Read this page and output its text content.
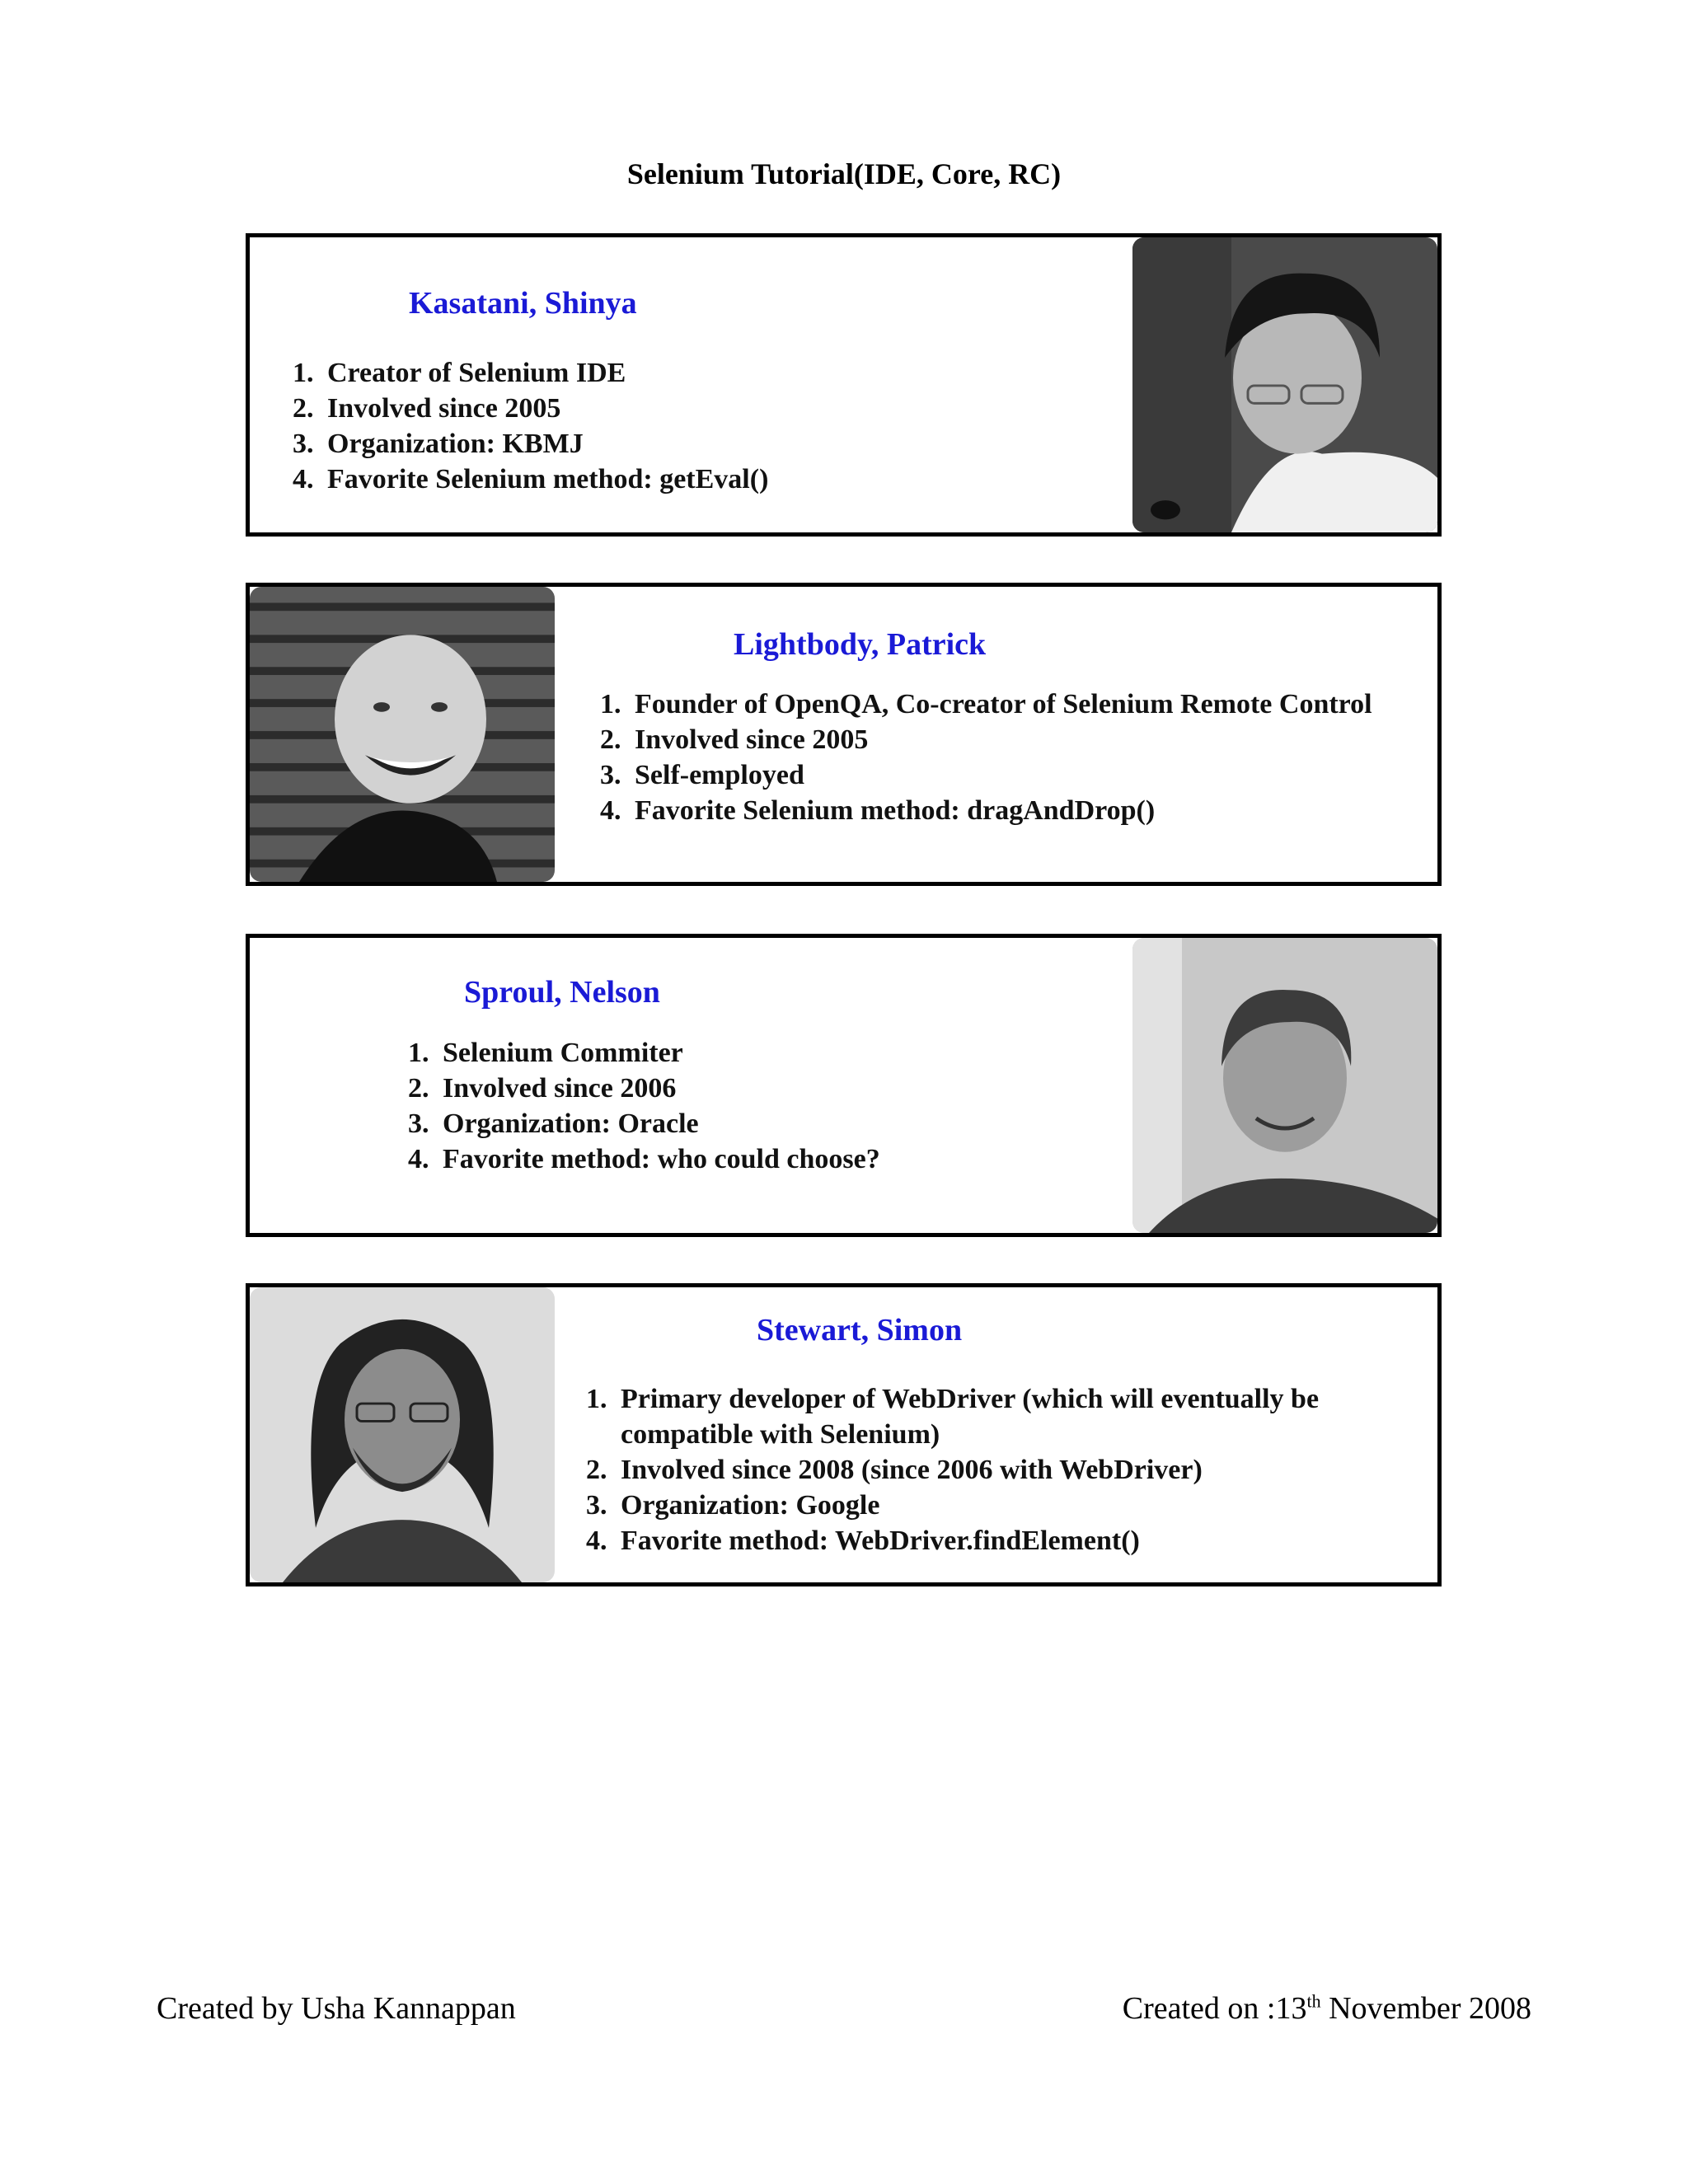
Selenium Tutorial(IDE, Core, RC)
Kasatani, Shinya
1. Creator of Selenium IDE
2. Involved since 2005
3. Organization: KBMJ
4. Favorite Selenium method: getEval()
Lightbody, Patrick
1. Founder of OpenQA, Co-creator of Selenium Remote Control
2. Involved since 2005
3. Self-employed
4. Favorite Selenium method: dragAndDrop()
Sproul, Nelson
1. Selenium Commiter
2. Involved since 2006
3. Organization: Oracle
4. Favorite method: who could choose?
Stewart, Simon
1. Primary developer of WebDriver (which will eventually be compatible with Selenium)
2. Involved since 2008 (since 2006 with WebDriver)
3. Organization: Google
4. Favorite method: WebDriver.findElement()
Created by Usha Kannappan	Created on :13th November 2008
